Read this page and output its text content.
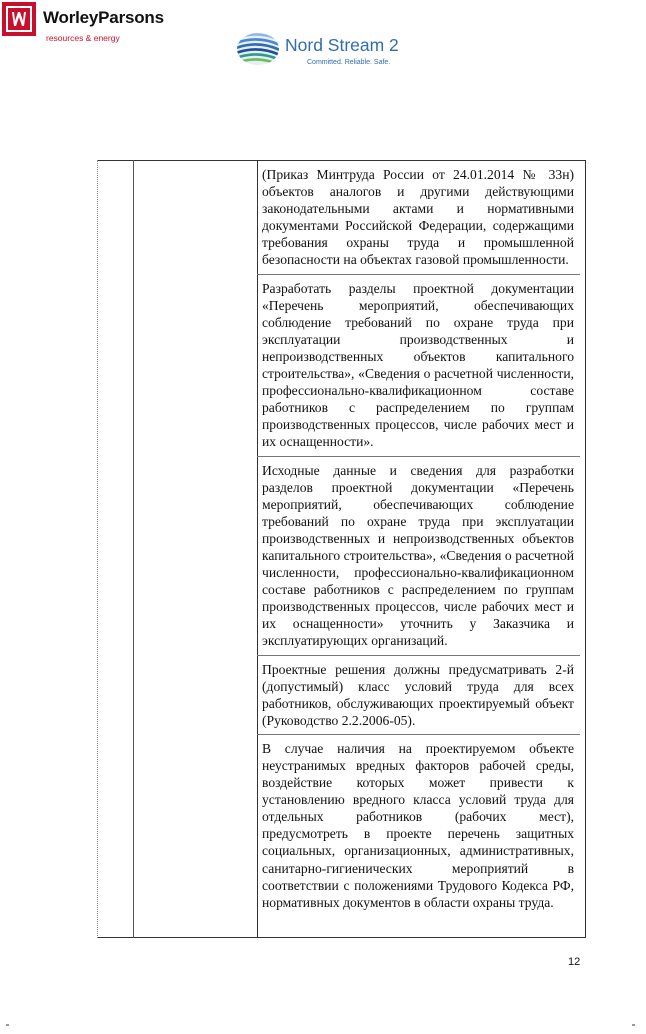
WorleyParsons
resources & energy	Nord Stream 2
Committed. Reliable. Safe.

(Приказ Минтруда России от 24.01.2014 № 33н) объектов аналогов и другими действующими законодательными актами и нормативными документами Российской Федерации, содержащими требования охраны труда и промышленной безопасности на объектах газовой промышленности.

Разработать разделы проектной документации «Перечень мероприятий, обеспечивающих соблюдение требований по охране труда при эксплуатации производственных и непроизводственных объектов капитального строительства», «Сведения о расчетной численности, профессионально-квалификационном составе работников с распределением по группам производственных процессов, числе рабочих мест и их оснащенности».

Исходные данные и сведения для разработки разделов проектной документации «Перечень мероприятий, обеспечивающих соблюдение требований по охране труда при эксплуатации производственных и непроизводственных объектов капитального строительства», «Сведения о расчетной численности, профессионально-квалификационном составе работников с распределением по группам производственных процессов, числе рабочих мест и их оснащенности» уточнить у Заказчика и эксплуатирующих организаций.

Проектные решения должны предусматривать 2-й (допустимый) класс условий труда для всех работников, обслуживающих проектируемый объект (Руководство 2.2.2006-05).

В случае наличия на проектируемом объекте неустранимых вредных факторов рабочей среды, воздействие которых может привести к установлению вредного класса условий труда для отдельных работников (рабочих мест), предусмотреть в проекте перечень защитных социальных, организационных, административных, санитарно-гигиенических мероприятий в соответствии с положениями Трудового Кодекса РФ, нормативных документов в области охраны труда.

12
